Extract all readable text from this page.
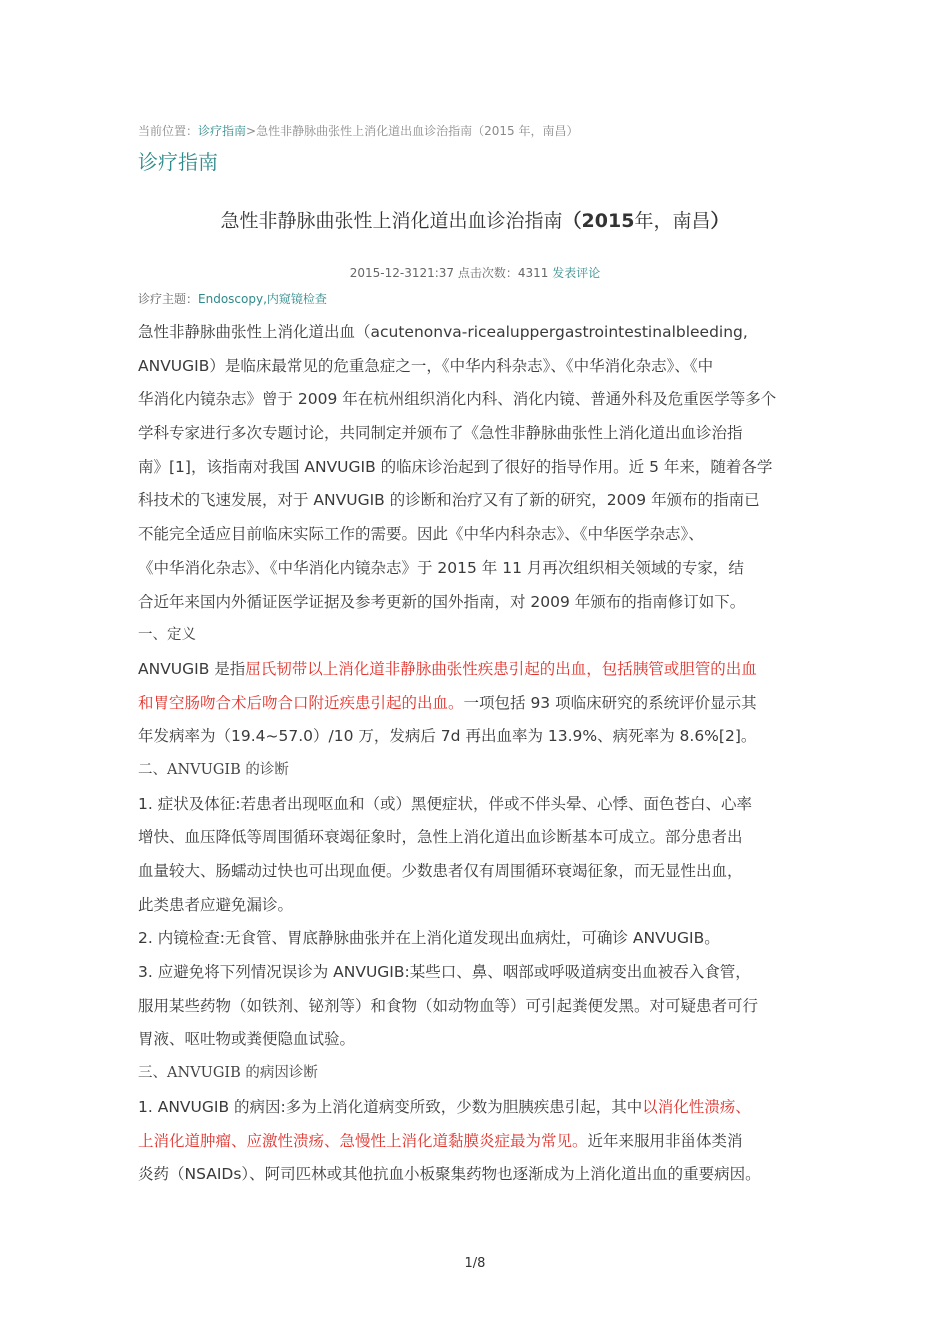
当前位置：诊疗指南>急性非静脉曲张性上消化道出血诊治指南（2015 年，南昌）
诊疗指南
急性非静脉曲张性上消化道出血诊治指南（2015年，南昌）
2015-12-3121:37 点击次数：4311 发表评论
诊疗主题：Endoscopy,内窥镜检查
急性非静脉曲张性上消化道出血（acutenonva-ricealuppergastrointestinalbleeding,
ANVUGIB）是临床最常见的危重急症之一，《中华内科杂志》、《中华消化杂志》、《中
华消化内镜杂志》曾于 2009 年在杭州组织消化内科、消化内镜、普通外科及危重医学等多个
学科专家进行多次专题讨论，共同制定并颁布了《急性非静脉曲张性上消化道出血诊治指
南》[1]，该指南对我国 ANVUGIB 的临床诊治起到了很好的指导作用。近 5 年来，随着各学
科技术的飞速发展，对于 ANVUGIB 的诊断和治疗又有了新的研究，2009 年颁布的指南已
不能完全适应目前临床实际工作的需要。因此《中华内科杂志》、《中华医学杂志》、
《中华消化杂志》、《中华消化内镜杂志》于 2015 年 11 月再次组织相关领域的专家，结
合近年来国内外循证医学证据及参考更新的国外指南，对 2009 年颁布的指南修订如下。
一、定义
ANVUGIB 是指屈氏韧带以上消化道非静脉曲张性疾患引起的出血，包括胰管或胆管的出血
和胃空肠吻合术后吻合口附近疾患引起的出血。一项包括 93 项临床研究的系统评价显示其
年发病率为（19.4~57.0）/10 万，发病后 7d 再出血率为 13.9%、病死率为 8.6%[2]。
二、ANVUGIB 的诊断
1. 症状及体征:若患者出现呕血和（或）黑便症状，伴或不伴头晕、心悸、面色苍白、心率
增快、血压降低等周围循环衰竭征象时，急性上消化道出血诊断基本可成立。部分患者出
血量较大、肠蠕动过快也可出现血便。少数患者仅有周围循环衰竭征象，而无显性出血，
此类患者应避免漏诊。
2. 内镜检查:无食管、胃底静脉曲张并在上消化道发现出血病灶，可确诊 ANVUGIB。
3. 应避免将下列情况误诊为 ANVUGIB:某些口、鼻、咽部或呼吸道病变出血被吞入食管，
服用某些药物（如铁剂、铋剂等）和食物（如动物血等）可引起粪便发黑。对可疑患者可行
胃液、呕吐物或粪便隐血试验。
三、ANVUGIB 的病因诊断
1. ANVUGIB 的病因:多为上消化道病变所致，少数为胆胰疾患引起，其中以消化性溃疡、
上消化道肿瘤、应激性溃疡、急慢性上消化道黏膜炎症最为常见。近年来服用非甾体类消
炎药（NSAIDs）、阿司匹林或其他抗血小板聚集药物也逐渐成为上消化道出血的重要病因。
1/8
